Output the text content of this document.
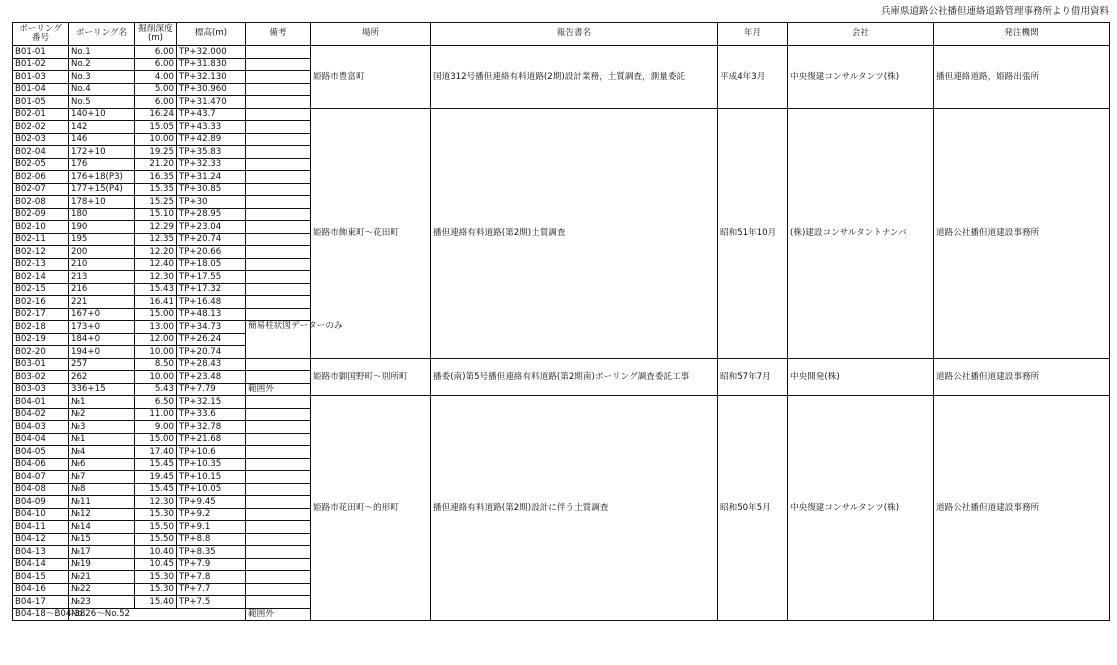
兵庫県道路公社播但連絡道路管理事務所より借用資料
ボーリング番号	ボーリング名	掘削深度(m)	標高(m)	備考	場所	報告書名	年月	会社	発注機関
B01-01	No.1	6.00	TP+32.000		姫路市豊富町	国道312号播但連絡有料道路(2期)設計業務，土質調査，測量委託	平成4年3月	中央復建コンサルタンツ(株)	播但連絡道路，姫路出張所
B01-02	No.2	6.00	TP+31.830						
B01-03	No.3	4.00	TP+32.130						
B01-04	No.4	5.00	TP+30.960						
B01-05	No.5	6.00	TP+31.470						
B02-01	140+10	16.24	TP+43.7		姫路市飾東町～花田町	播但連絡有料道路(第2期)土質調査	昭和51年10月	(株)建設コンサルタントナンバ	道路公社播但道建設事務所
B02-02	142	15.05	TP+43.33						
B02-03	146	10.00	TP+42.89						
B02-04	172+10	19.25	TP+35.83						
B02-05	176	21.20	TP+32.33						
B02-06	176+18(P3)	16.35	TP+31.24						
B02-07	177+15(P4)	15.35	TP+30.85						
B02-08	178+10	15.25	TP+30						
B02-09	180	15.10	TP+28.95						
B02-10	190	12.29	TP+23.04						
B02-11	195	12.35	TP+20.74						
B02-12	200	12.20	TP+20.66						
B02-13	210	12.40	TP+18.05						
B02-14	213	12.30	TP+17.55						
B02-15	216	15.43	TP+17.32						
B02-16	221	16.41	TP+16.48						
B02-17	167+0	15.00	TP+48.13						
B02-18	173+0	13.00	TP+34.73	簡易柱状図データーのみ					
B02-19	184+0	12.00	TP+26.24						
B02-20	194+0	10.00	TP+20.74						
B03-01	257	8.50	TP+28.43		姫路市御国野町～別所町	播委(南)第5号播但連絡有料道路(第2期南)ボーリング調査委託工事	昭和57年7月	中央開発(株)	道路公社播但道建設事務所
B03-02	262	10.00	TP+23.48						
B03-03	336+15	5.43	TP+7.79	範囲外					
B04-01	№1	6.50	TP+32.15		姫路市花田町～的形町	播但連絡有料道路(第2期)設計に伴う土質調査	昭和50年5月	中央復建コンサルタンツ(株)	道路公社播但道建設事務所
B04-02	№2	11.00	TP+33.6						
B04-03	№3	9.00	TP+32.78						
B04-04	№1	15.00	TP+21.68						
B04-05	№4	17.40	TP+10.6						
B04-06	№6	15.45	TP+10.35						
B04-07	№7	19.45	TP+10.15						
B04-08	№8	15.45	TP+10.05						
B04-09	№11	12.30	TP+9.45						
B04-10	№12	15.30	TP+9.2						
B04-11	№14	15.50	TP+9.1						
B04-12	№15	15.50	TP+8.8						
B04-13	№17	10.40	TP+8.35						
B04-14	№19	10.45	TP+7.9						
B04-15	№21	15.30	TP+7.8						
B04-16	№22	15.30	TP+7.7						
B04-17	№23	15.40	TP+7.5						
B04-18～B04-38	No.26～No.52			範囲外					
